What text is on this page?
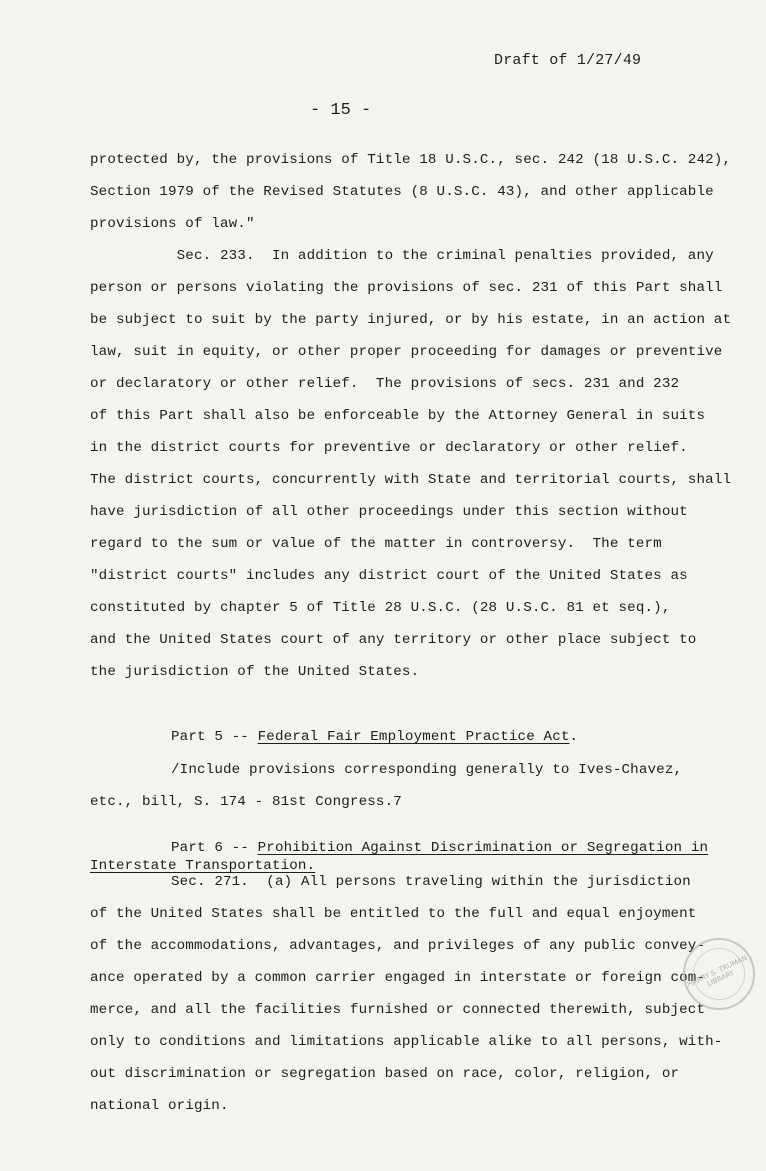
Draft of 1/27/49
- 15 -
protected by, the provisions of Title 18 U.S.C., sec. 242 (18 U.S.C. 242),
Section 1979 of the Revised Statutes (8 U.S.C. 43), and other applicable
provisions of law."
Sec. 233.  In addition to the criminal penalties provided, any
person or persons violating the provisions of sec. 231 of this Part shall
be subject to suit by the party injured, or by his estate, in an action at
law, suit in equity, or other proper proceeding for damages or preventive
or declaratory or other relief.  The provisions of secs. 231 and 232
of this Part shall also be enforceable by the Attorney General in suits
in the district courts for preventive or declaratory or other relief.
The district courts, concurrently with State and territorial courts, shall
have jurisdiction of all other proceedings under this section without
regard to the sum or value of the matter in controversy.  The term
"district courts" includes any district court of the United States as
constituted by chapter 5 of Title 28 U.S.C. (28 U.S.C. 81 et seq.),
and the United States court of any territory or other place subject to
the jurisdiction of the United States.
Part 5 -- Federal Fair Employment Practice Act.
/Include provisions corresponding generally to Ives-Chavez,
etc., bill, S. 174 - 81st Congress.7
Part 6 -- Prohibition Against Discrimination or Segregation in
Interstate Transportation.
Sec. 271.  (a) All persons traveling within the jurisdiction
of the United States shall be entitled to the full and equal enjoyment
of the accommodations, advantages, and privileges of any public convey-
ance operated by a common carrier engaged in interstate or foreign com-
merce, and all the facilities furnished or connected therewith, subject
only to conditions and limitations applicable alike to all persons, with-
out discrimination or segregation based on race, color, religion, or
national origin.
HARRY S. TRUMAN LIBRARY
